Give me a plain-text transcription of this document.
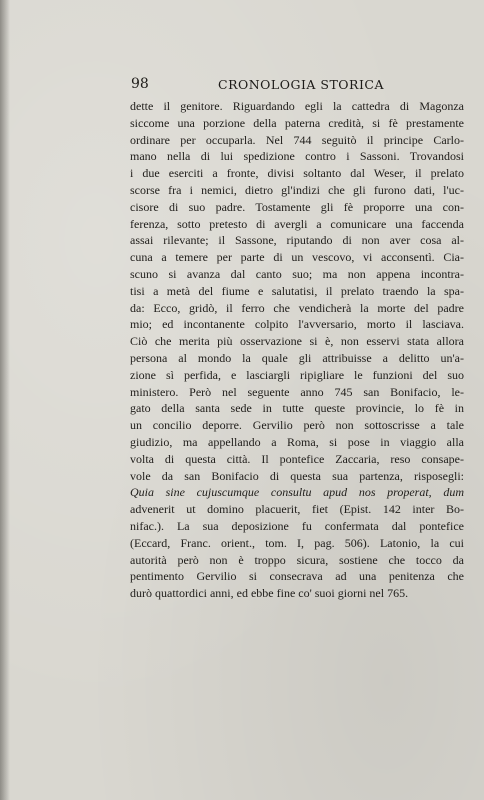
98	CRONOLOGIA STORICA
dette il genitore. Riguardando egli la cattedra di Magonza
siccome una porzione della paterna credità, si fè prestamente
ordinare per occuparla. Nel 744 seguitò il principe Carlo-
mano nella di lui spedizione contro i Sassoni. Trovandosi
i due eserciti a fronte, divisi soltanto dal Weser, il prelato
scorse fra i nemici, dietro gl'indizi che gli furono dati, l'uc-
cisore di suo padre. Tostamente gli fè proporre una con-
ferenza, sotto pretesto di avergli a comunicare una faccenda
assai rilevante; il Sassone, riputando di non aver cosa al-
cuna a temere per parte di un vescovo, vi acconsentì. Cia-
scuno si avanza dal canto suo; ma non appena incontra-
tisi a metà del fiume e salutatisi, il prelato traendo la spa-
da: Ecco, gridò, il ferro che vendicherà la morte del padre
mio; ed incontanente colpito l'avversario, morto il lasciava.
Ciò che merita più osservazione si è, non esservi stata allora
persona al mondo la quale gli attribuisse a delitto un'a-
zione sì perfida, e lasciargli ripigliare le funzioni del suo
ministero. Però nel seguente anno 745 san Bonifacio, le-
gato della santa sede in tutte queste provincie, lo fè in
un concilio deporre. Gervilio però non sottoscrisse a tale
giudizio, ma appellando a Roma, si pose in viaggio alla
volta di questa città. Il pontefice Zaccaria, reso consape-
vole da san Bonifacio di questa sua partenza, risposegli:
Quia sine cujuscumque consultu apud nos properat, dum
advenerit ut domino placuerit, fiet (Epist. 142 inter Bo-
nifac.). La sua deposizione fu confermata dal pontefice
(Eccard, Franc. orient., tom. I, pag. 506). Latonio, la cui
autorità però non è troppo sicura, sostiene che tocco da
pentimento Gervilio si consecrava ad una penitenza che
durò quattordici anni, ed ebbe fine co' suoi giorni nel 765.
